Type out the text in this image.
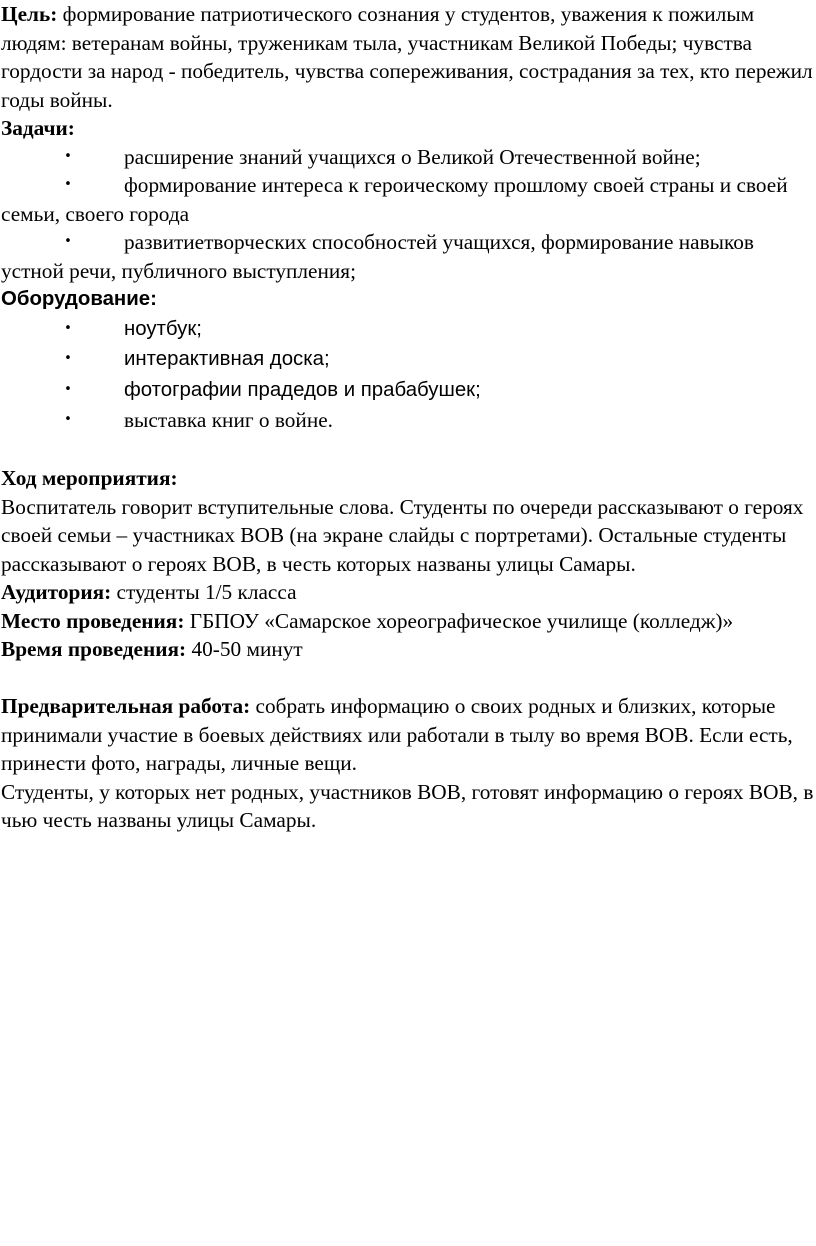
Цель: формирование патриотического сознания у студентов, уважения к пожилым людям: ветеранам войны, труженикам тыла, участникам Великой Победы; чувства гордости за народ - победитель, чувства сопереживания, сострадания за тех, кто пережил годы войны.

Задачи:

• расширение знаний учащихся о Великой Отечественной войне;

• формирование интереса к героическому прошлому своей страны и своей семьи, своего города

• развитиетворческих способностей учащихся, формирование навыков устной речи, публичного выступления;

Оборудование:

•	ноутбук;

•	интерактивная доска;

•	фотографии прадедов и прабабушек;

• выставка книг о войне.

Ход мероприятия:

Воспитатель говорит вступительные слова. Студенты по очереди рассказывают о героях своей семьи – участниках ВОВ (на экране слайды с портретами). Остальные студенты рассказывают о героях ВОВ, в честь которых названы улицы Самары.

Аудитория: студенты 1/5 класса

Место проведения: ГБПОУ «Самарское хореографическое училище (колледж)»

Время проведения: 40-50 минут

Предварительная работа: собрать информацию о своих родных и близких, которые принимали участие в боевых действиях или работали в тылу во время ВОВ. Если есть, принести фото, награды, личные вещи.

Студенты, у которых нет родных, участников ВОВ, готовят информацию о героях ВОВ, в чью честь названы улицы Самары.
